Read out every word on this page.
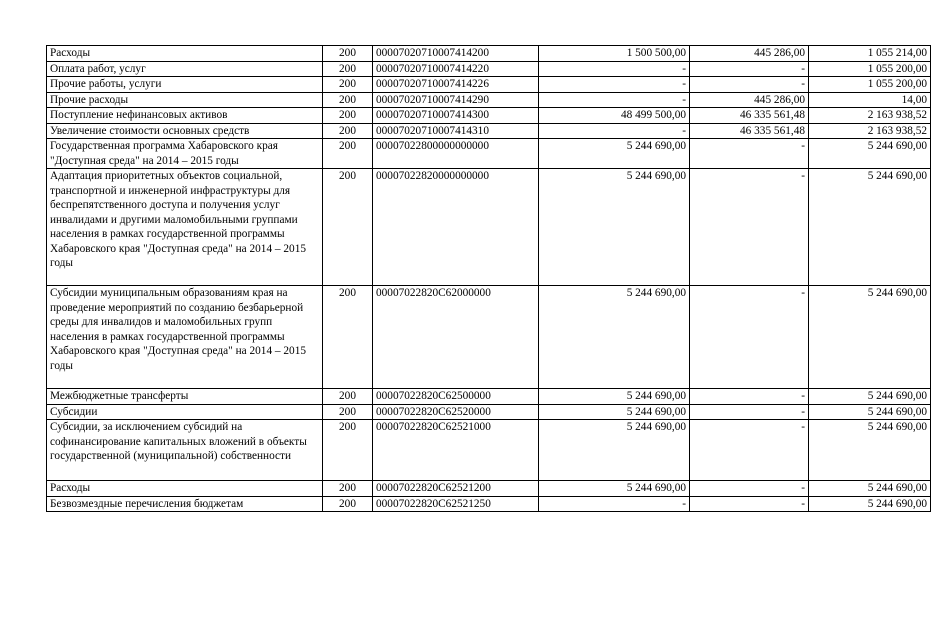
Расходы	200	00007020710007414200	1 500 500,00	445 286,00	1 055 214,00
Оплата работ, услуг	200	00007020710007414220	-	-	1 055 200,00
Прочие работы, услуги	200	00007020710007414226	-	-	1 055 200,00
Прочие расходы	200	00007020710007414290	-	445 286,00	14,00
Поступление нефинансовых активов	200	00007020710007414300	48 499 500,00	46 335 561,48	2 163 938,52
Увеличение стоимости основных средств	200	00007020710007414310	-	46 335 561,48	2 163 938,52
Государственная программа Хабаровского края "Доступная среда" на 2014 – 2015 годы	200	00007022800000000000	5 244 690,00	-	5 244 690,00
Адаптация приоритетных объектов социальной, транспортной и инженерной инфраструктуры для беспрепятственного доступа и получения услуг инвалидами и другими маломобильными группами населения в рамках государственной программы Хабаровского края "Доступная среда" на 2014 – 2015 годы	200	00007022820000000000	5 244 690,00	-	5 244 690,00
Субсидии муниципальным образованиям края на проведение мероприятий по созданию безбарьерной среды для инвалидов и маломобильных групп населения в рамках государственной программы Хабаровского края "Доступная среда" на 2014 – 2015 годы	200	00007022820С62000000	5 244 690,00	-	5 244 690,00
Межбюджетные трансферты	200	00007022820С62500000	5 244 690,00	-	5 244 690,00
Субсидии	200	00007022820С62520000	5 244 690,00	-	5 244 690,00
Субсидии, за исключением субсидий на софинансирование капитальных вложений в объекты государственной (муниципальной) собственности	200	00007022820С62521000	5 244 690,00	-	5 244 690,00
Расходы	200	00007022820С62521200	5 244 690,00	-	5 244 690,00
Безвозмездные перечисления бюджетам	200	00007022820С62521250	-	-	5 244 690,00
